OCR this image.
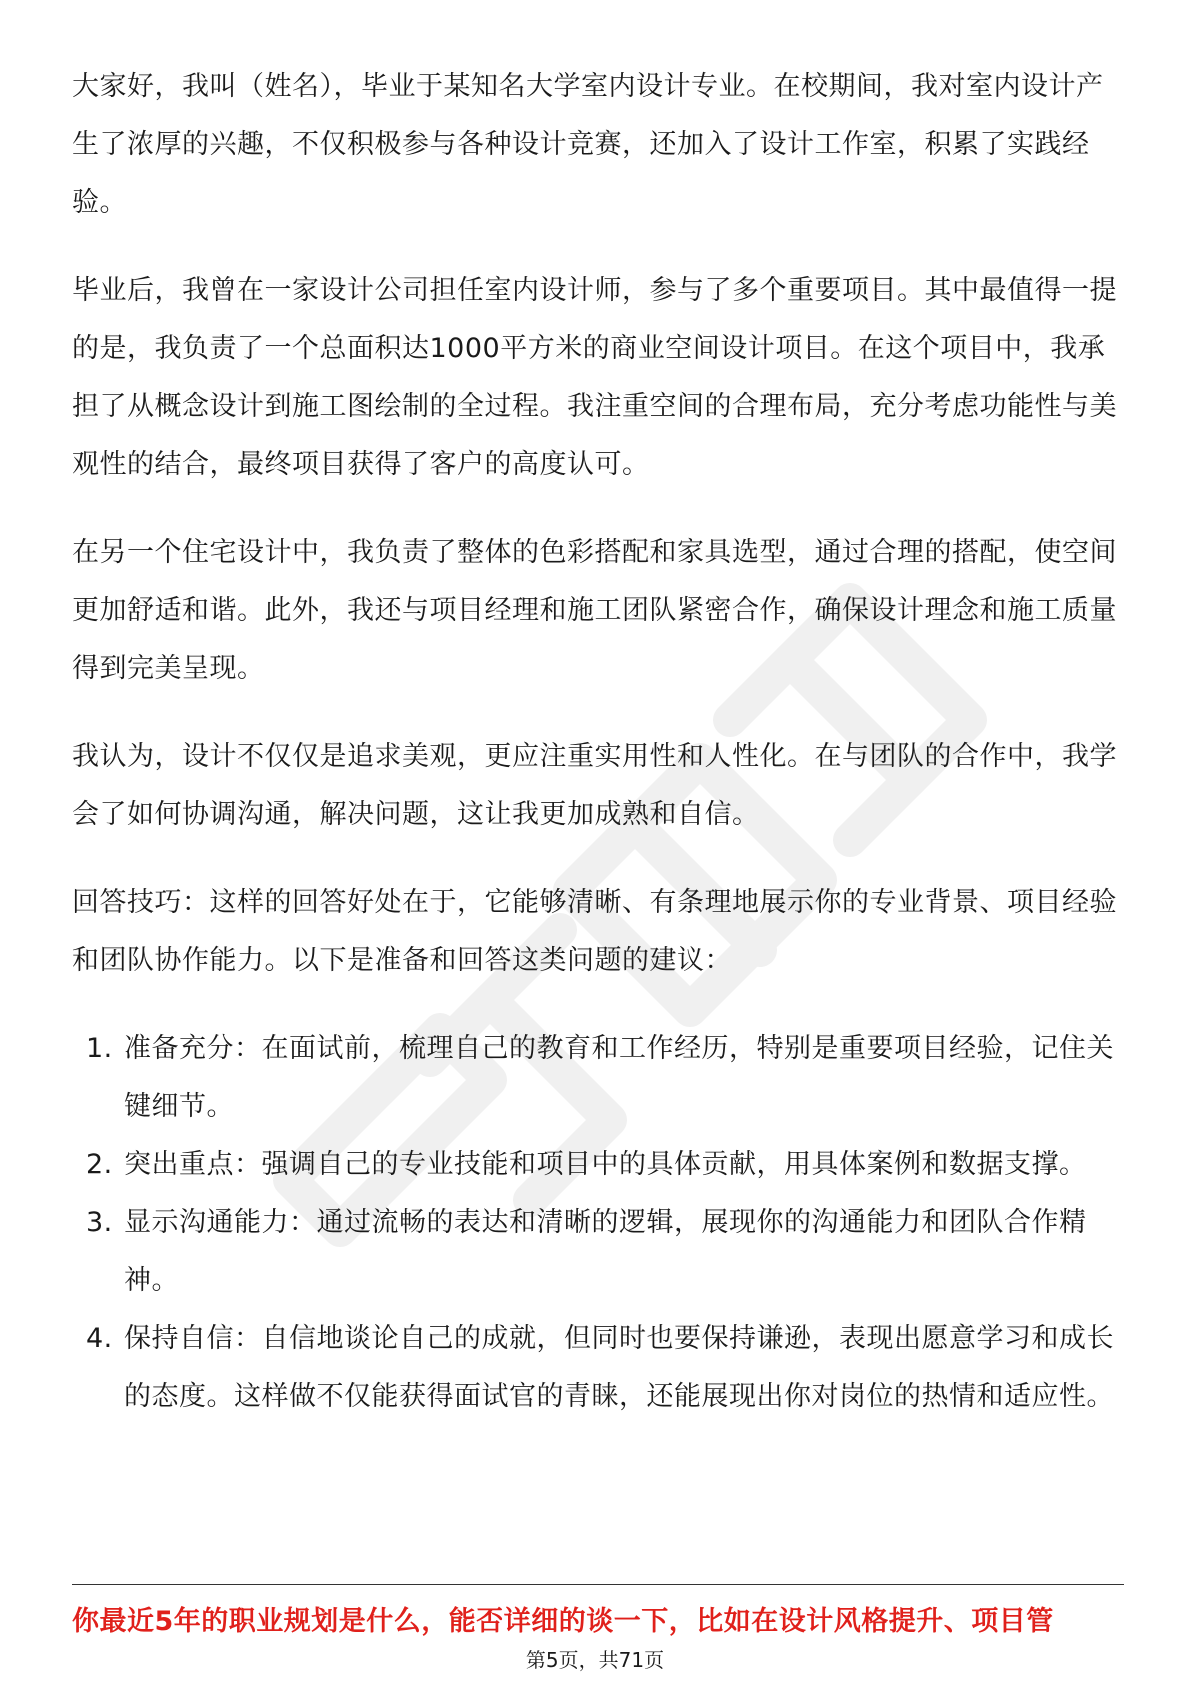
大家好，我叫（姓名），毕业于某知名大学室内设计专业。在校期间，我对室内设计产生了浓厚的兴趣，不仅积极参与各种设计竞赛，还加入了设计工作室，积累了实践经验。

毕业后，我曾在一家设计公司担任室内设计师，参与了多个重要项目。其中最值得一提的是，我负责了一个总面积达1000平方米的商业空间设计项目。在这个项目中，我承担了从概念设计到施工图绘制的全过程。我注重空间的合理布局，充分考虑功能性与美观性的结合，最终项目获得了客户的高度认可。

在另一个住宅设计中，我负责了整体的色彩搭配和家具选型，通过合理的搭配，使空间更加舒适和谐。此外，我还与项目经理和施工团队紧密合作，确保设计理念和施工质量得到完美呈现。

我认为，设计不仅仅是追求美观，更应注重实用性和人性化。在与团队的合作中，我学会了如何协调沟通，解决问题，这让我更加成熟和自信。

回答技巧：这样的回答好处在于，它能够清晰、有条理地展示你的专业背景、项目经验和团队协作能力。以下是准备和回答这类问题的建议：

1. 准备充分：在面试前，梳理自己的教育和工作经历，特别是重要项目经验，记住关键细节。
2. 突出重点：强调自己的专业技能和项目中的具体贡献，用具体案例和数据支撑。
3. 显示沟通能力：通过流畅的表达和清晰的逻辑，展现你的沟通能力和团队合作精神。
4. 保持自信：自信地谈论自己的成就，但同时也要保持谦逊，表现出愿意学习和成长的态度。这样做不仅能获得面试官的青睐，还能展现出你对岗位的热情和适应性。
你最近5年的职业规划是什么，能否详细的谈一下，比如在设计风格提升、项目管
第5页，共71页
